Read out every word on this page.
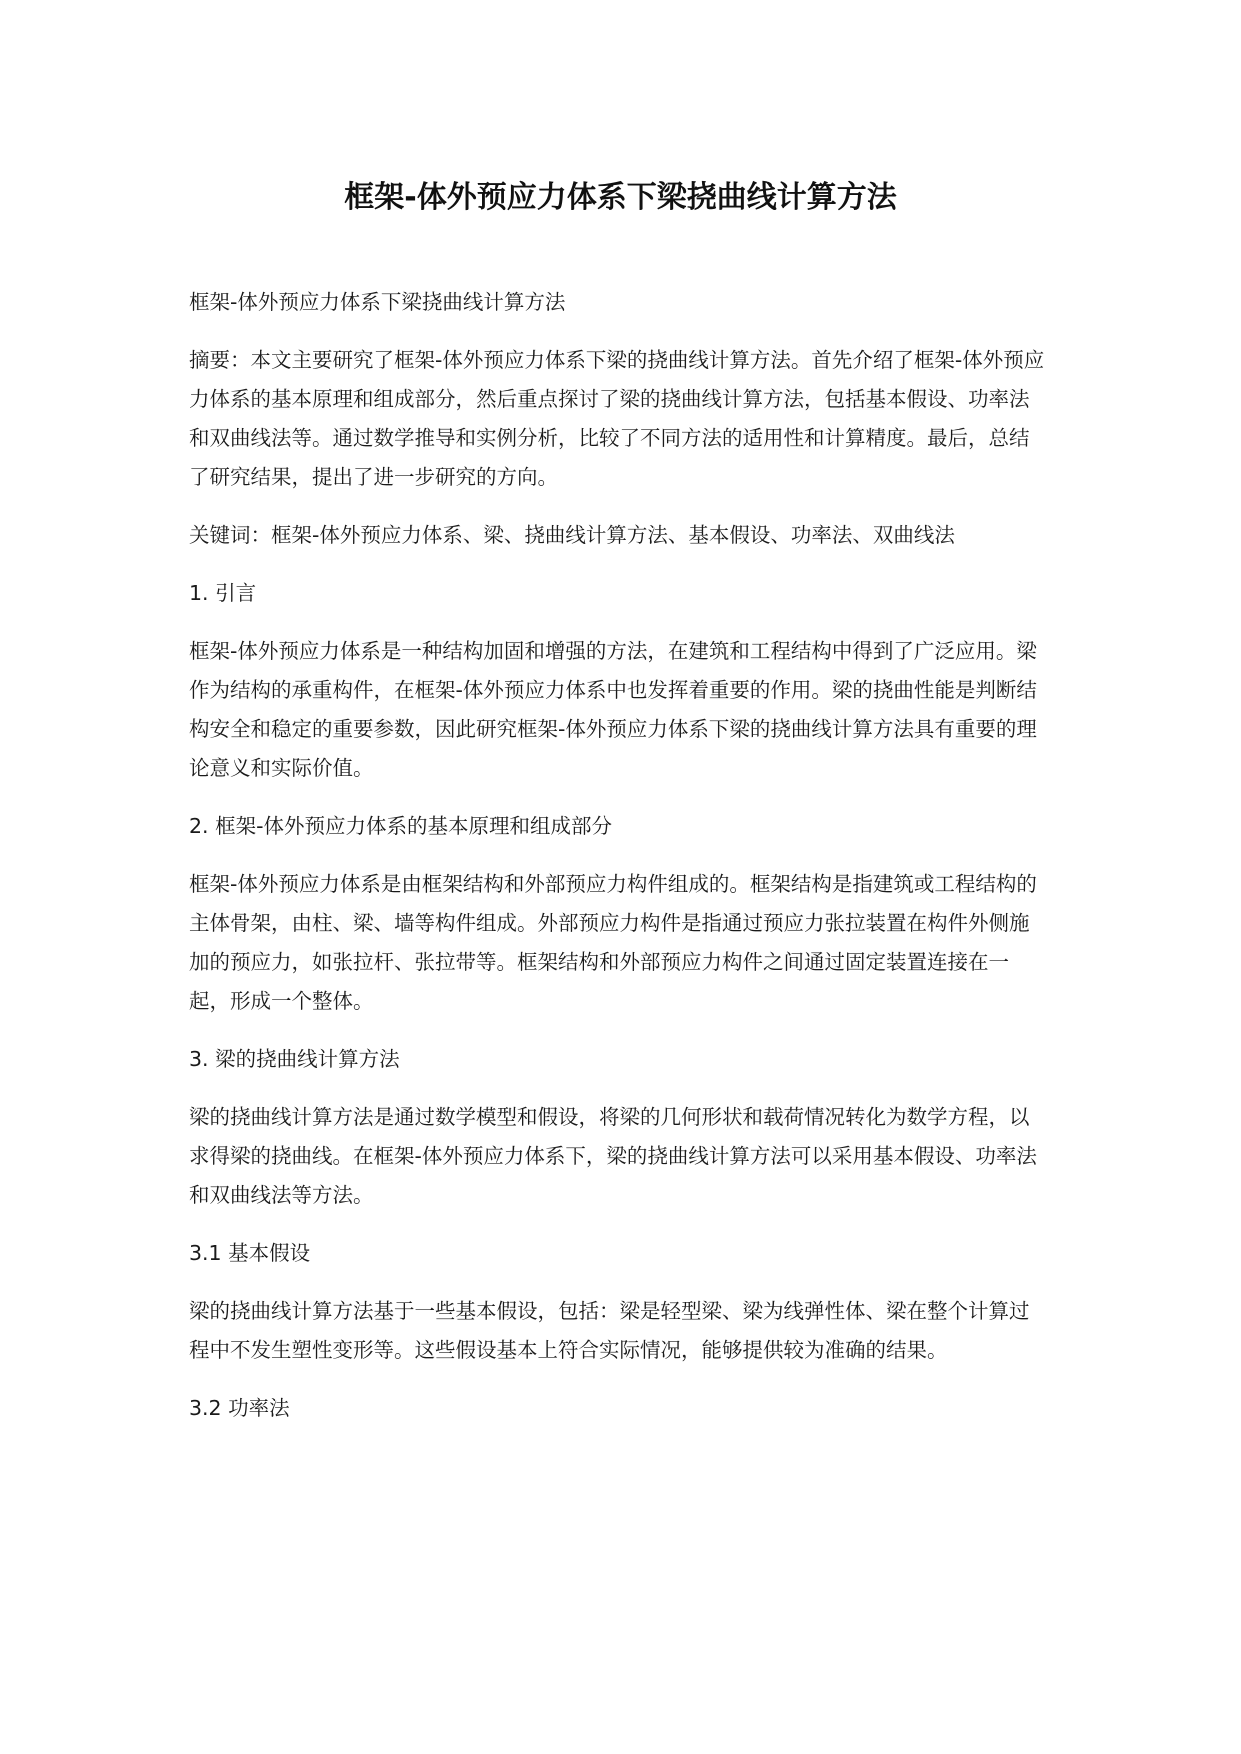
框架-体外预应力体系下梁挠曲线计算方法

框架-体外预应力体系下梁挠曲线计算方法

摘要：本文主要研究了框架-体外预应力体系下梁的挠曲线计算方法。首先介绍了框架-体外预应力体系的基本原理和组成部分，然后重点探讨了梁的挠曲线计算方法，包括基本假设、功率法和双曲线法等。通过数学推导和实例分析，比较了不同方法的适用性和计算精度。最后，总结了研究结果，提出了进一步研究的方向。

关键词：框架-体外预应力体系、梁、挠曲线计算方法、基本假设、功率法、双曲线法

1. 引言

框架-体外预应力体系是一种结构加固和增强的方法，在建筑和工程结构中得到了广泛应用。梁作为结构的承重构件，在框架-体外预应力体系中也发挥着重要的作用。梁的挠曲性能是判断结构安全和稳定的重要参数，因此研究框架-体外预应力体系下梁的挠曲线计算方法具有重要的理论意义和实际价值。

2. 框架-体外预应力体系的基本原理和组成部分

框架-体外预应力体系是由框架结构和外部预应力构件组成的。框架结构是指建筑或工程结构的主体骨架，由柱、梁、墙等构件组成。外部预应力构件是指通过预应力张拉装置在构件外侧施加的预应力，如张拉杆、张拉带等。框架结构和外部预应力构件之间通过固定装置连接在一起，形成一个整体。

3. 梁的挠曲线计算方法

梁的挠曲线计算方法是通过数学模型和假设，将梁的几何形状和载荷情况转化为数学方程，以求得梁的挠曲线。在框架-体外预应力体系下，梁的挠曲线计算方法可以采用基本假设、功率法和双曲线法等方法。

3.1 基本假设

梁的挠曲线计算方法基于一些基本假设，包括：梁是轻型梁、梁为线弹性体、梁在整个计算过程中不发生塑性变形等。这些假设基本上符合实际情况，能够提供较为准确的结果。

3.2 功率法
